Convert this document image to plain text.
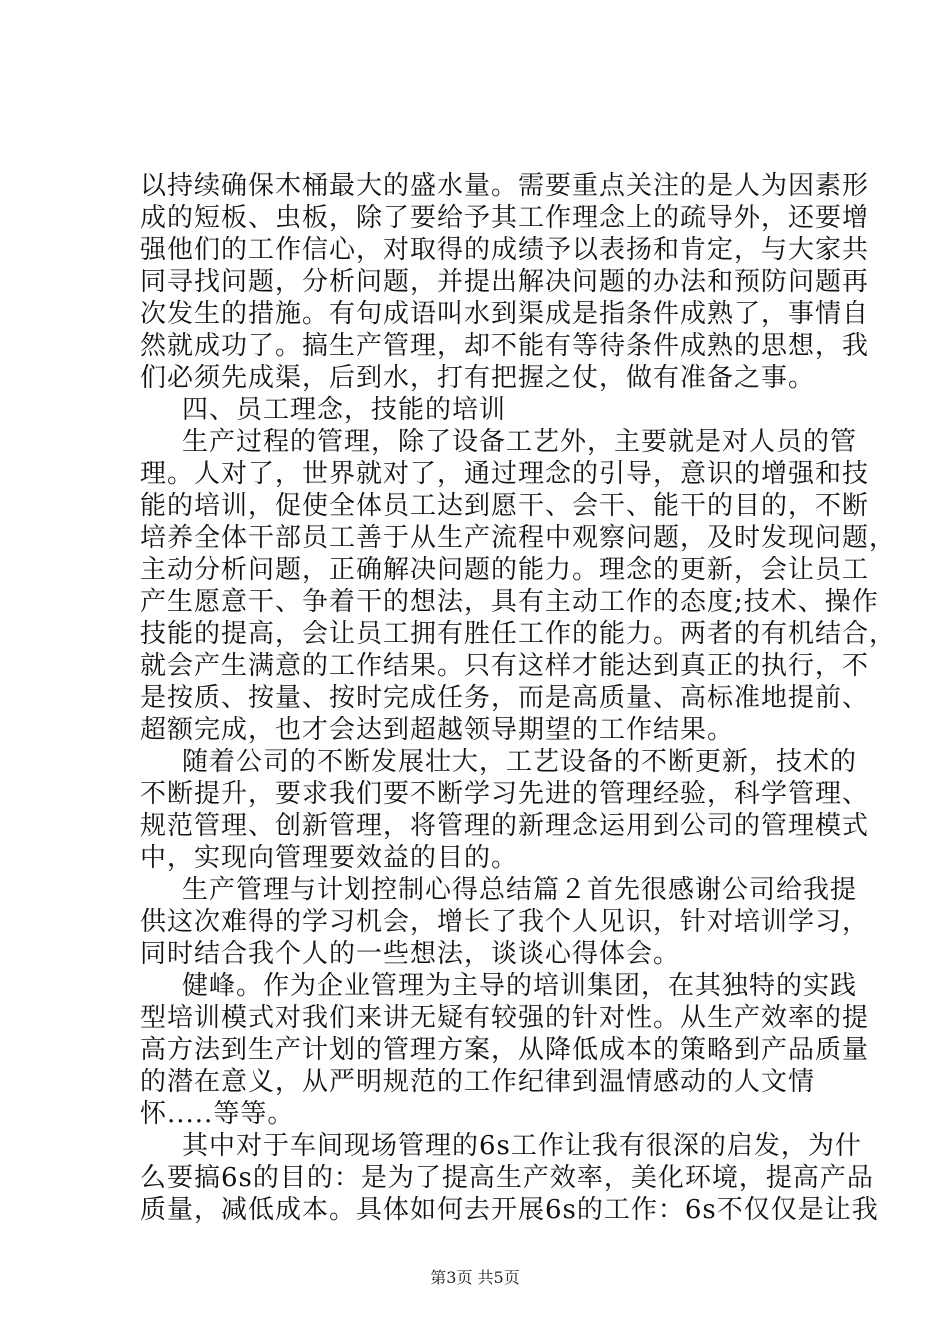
以持续确保木桶最大的盛水量。需要重点关注的是人为因素形
成的短板、虫板，除了要给予其工作理念上的疏导外，还要增
强他们的工作信心，对取得的成绩予以表扬和肯定，与大家共
同寻找问题，分析问题，并提出解决问题的办法和预防问题再
次发生的措施。有句成语叫水到渠成是指条件成熟了，事情自
然就成功了。搞生产管理，却不能有等待条件成熟的思想，我
们必须先成渠，后到水，打有把握之仗，做有准备之事。
四、员工理念，技能的培训
生产过程的管理，除了设备工艺外，主要就是对人员的管
理。人对了，世界就对了，通过理念的引导，意识的增强和技
能的培训，促使全体员工达到愿干、会干、能干的目的，不断
培养全体干部员工善于从生产流程中观察问题，及时发现问题，
主动分析问题，正确解决问题的能力。理念的更新，会让员工
产生愿意干、争着干的想法，具有主动工作的态度;技术、操作
技能的提高，会让员工拥有胜任工作的能力。两者的有机结合，
就会产生满意的工作结果。只有这样才能达到真正的执行，不
是按质、按量、按时完成任务，而是高质量、高标准地提前、
超额完成，也才会达到超越领导期望的工作结果。
随着公司的不断发展壮大，工艺设备的不断更新，技术的
不断提升，要求我们要不断学习先进的管理经验，科学管理、
规范管理、创新管理，将管理的新理念运用到公司的管理模式
中，实现向管理要效益的目的。
生产管理与计划控制心得总结篇２首先很感谢公司给我提
供这次难得的学习机会，增长了我个人见识，针对培训学习，
同时结合我个人的一些想法，谈谈心得体会。
健峰。作为企业管理为主导的培训集团，在其独特的实践
型培训模式对我们来讲无疑有较强的针对性。从生产效率的提
高方法到生产计划的管理方案，从降低成本的策略到产品质量
的潜在意义，从严明规范的工作纪律到温情感动的人文情
怀.....等等。
其中对于车间现场管理的6s工作让我有很深的启发，为什
么要搞6s的目的：是为了提高生产效率，美化环境，提高产品
质量，减低成本。具体如何去开展6s的工作：6s不仅仅是让我
第3页 共5页
